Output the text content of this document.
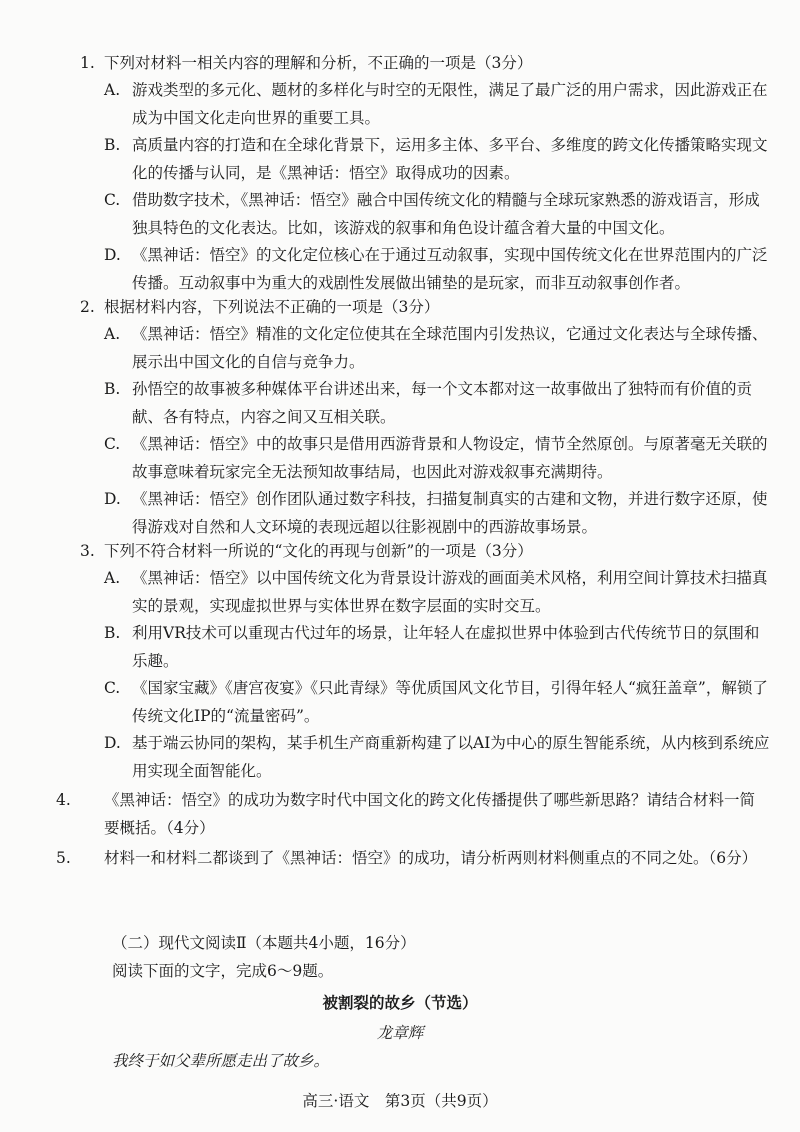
1. 下列对材料一相关内容的理解和分析，不正确的一项是（3分）

A. 游戏类型的多元化、题材的多样化与时空的无限性，满足了最广泛的用户需求，因此游戏正在成为中国文化走向世界的重要工具。

B. 高质量内容的打造和在全球化背景下，运用多主体、多平台、多维度的跨文化传播策略实现文化的传播与认同，是《黑神话：悟空》取得成功的因素。

C. 借助数字技术，《黑神话：悟空》融合中国传统文化的精髓与全球玩家熟悉的游戏语言，形成独具特色的文化表达。比如，该游戏的叙事和角色设计蕴含着大量的中国文化。

D. 《黑神话：悟空》的文化定位核心在于通过互动叙事，实现中国传统文化在世界范围内的广泛传播。互动叙事中为重大的戏剧性发展做出铺垫的是玩家，而非互动叙事创作者。

2. 根据材料内容，下列说法不正确的一项是（3分）

A. 《黑神话：悟空》精准的文化定位使其在全球范围内引发热议，它通过文化表达与全球传播、展示出中国文化的自信与竞争力。

B. 孙悟空的故事被多种媒体平台讲述出来，每一个文本都对这一故事做出了独特而有价值的贡献、各有特点，内容之间又互相关联。

C. 《黑神话：悟空》中的故事只是借用西游背景和人物设定，情节全然原创。与原著毫无关联的故事意味着玩家完全无法预知故事结局，也因此对游戏叙事充满期待。

D. 《黑神话：悟空》创作团队通过数字科技，扫描复制真实的古建和文物，并进行数字还原，使得游戏对自然和人文环境的表现远超以往影视剧中的西游故事场景。

3. 下列不符合材料一所说的“文化的再现与创新”的一项是（3分）

A. 《黑神话：悟空》以中国传统文化为背景设计游戏的画面美术风格，利用空间计算技术扫描真实的景观，实现虚拟世界与实体世界在数字层面的实时交互。

B. 利用VR技术可以重现古代过年的场景，让年轻人在虚拟世界中体验到古代传统节日的氛围和乐趣。

C. 《国家宝藏》《唐宫夜宴》《只此青绿》等优质国风文化节目，引得年轻人“疯狂盖章”，解锁了传统文化IP的“流量密码”。

D. 基于端云协同的架构，某手机生产商重新构建了以AI为中心的原生智能系统，从内核到系统应用实现全面智能化。

4. 《黑神话：悟空》的成功为数字时代中国文化的跨文化传播提供了哪些新思路？请结合材料一简要概括。（4分）

5. 材料一和材料二都谈到了《黑神话：悟空》的成功，请分析两则材料侧重点的不同之处。（6分）

（二）现代文阅读Ⅱ（本题共4小题，16分）

阅读下面的文字，完成6～9题。

被割裂的故乡（节选）

龙章辉

我终于如父辈所愿走出了故乡。

高三·语文　第3页（共9页）
